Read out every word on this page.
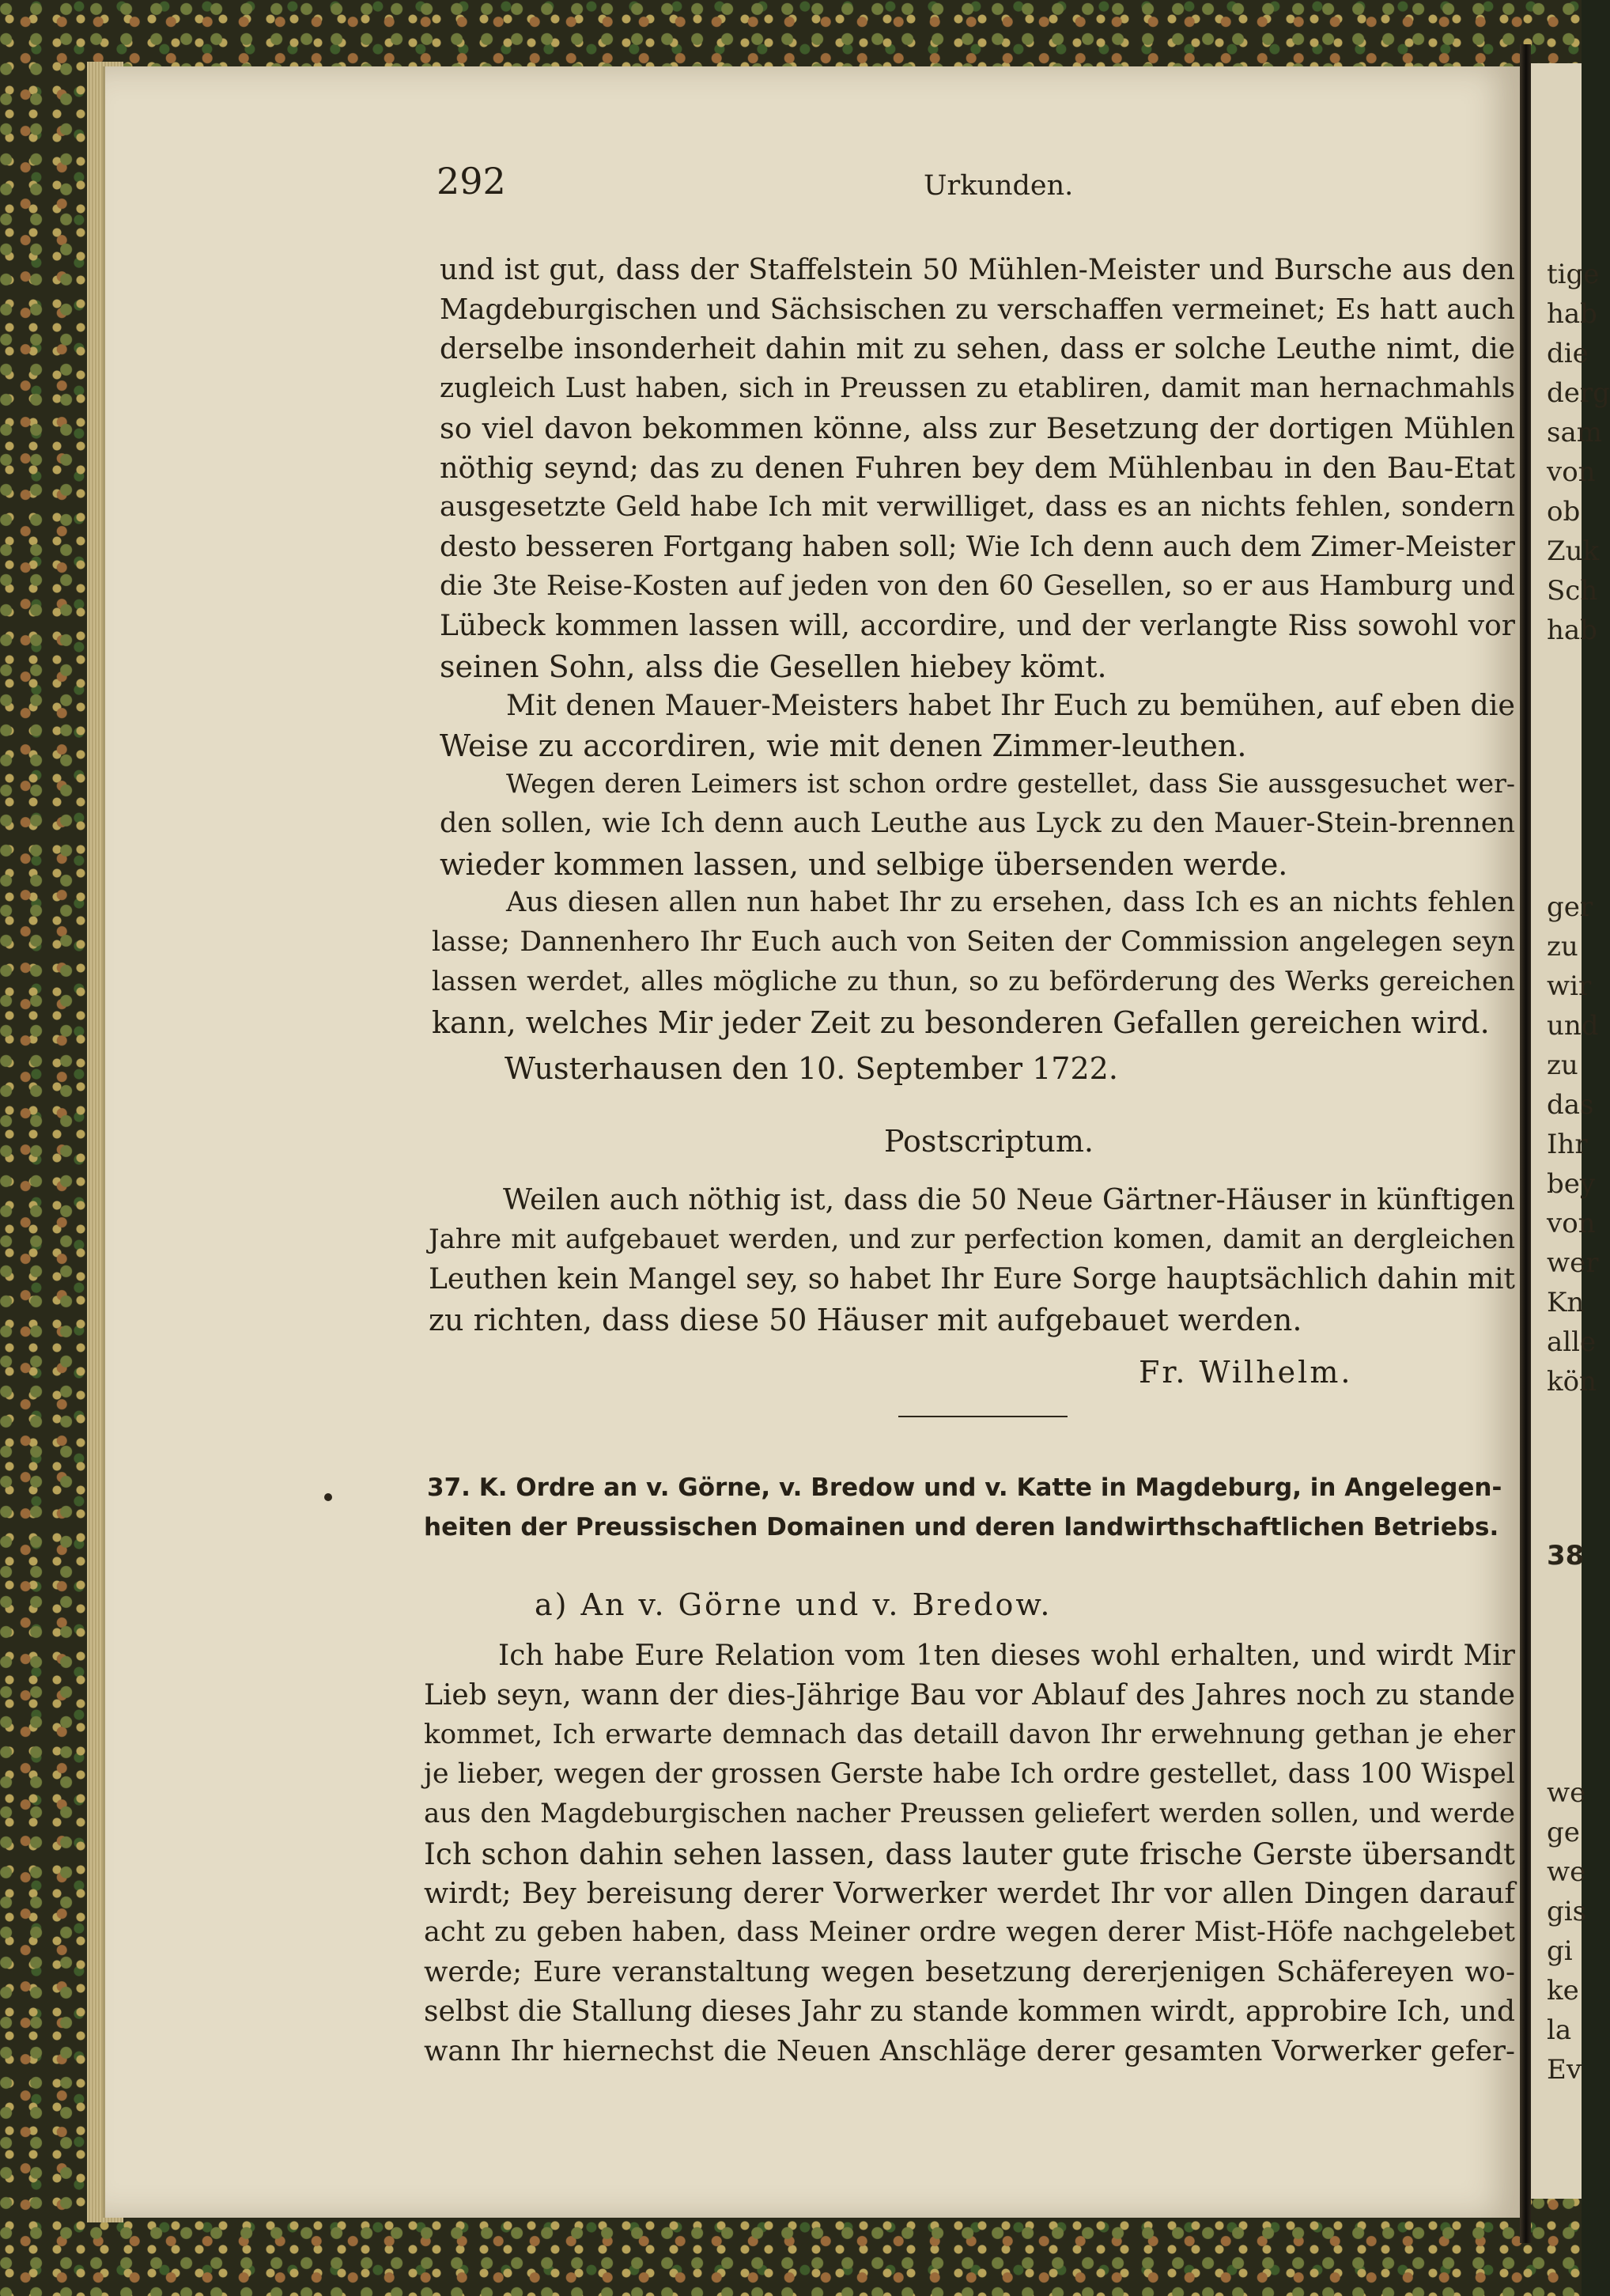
tige
hab
die
derg
sam
von
ob
Zuk
Sch
hab
ger
zu
wir
und
zu
das
Ihr
bey
von
wer
Kn
alle
kön
38
we
ge
we
gis
gi
ke
la
Ev
292	Urkunden.
und ist gut, dass der Staffelstein 50 Mühlen-Meister und Bursche aus den
Magdeburgischen und Sächsischen zu verschaffen vermeinet; Es hatt auch
derselbe insonderheit dahin mit zu sehen, dass er solche Leuthe nimt, die
zugleich Lust haben, sich in Preussen zu etabliren, damit man hernachmahls
so viel davon bekommen könne, alss zur Besetzung der dortigen Mühlen
nöthig seynd; das zu denen Fuhren bey dem Mühlenbau in den Bau-Etat
ausgesetzte Geld habe Ich mit verwilliget, dass es an nichts fehlen, sondern
desto besseren Fortgang haben soll; Wie Ich denn auch dem Zimer-Meister
die 3te Reise-Kosten auf jeden von den 60 Gesellen, so er aus Hamburg und
Lübeck kommen lassen will, accordire, und der verlangte Riss sowohl vor
seinen Sohn, alss die Gesellen hiebey kömt.
Mit denen Mauer-Meisters habet Ihr Euch zu bemühen, auf eben die
Weise zu accordiren, wie mit denen Zimmer-leuthen.
Wegen deren Leimers ist schon ordre gestellet, dass Sie aussgesuchet wer-
den sollen, wie Ich denn auch Leuthe aus Lyck zu den Mauer-Stein-brennen
wieder kommen lassen, und selbige übersenden werde.
Aus diesen allen nun habet Ihr zu ersehen, dass Ich es an nichts fehlen
lasse; Dannenhero Ihr Euch auch von Seiten der Commission angelegen seyn
lassen werdet, alles mögliche zu thun, so zu beförderung des Werks gereichen
kann, welches Mir jeder Zeit zu besonderen Gefallen gereichen wird.
Wusterhausen den 10. September 1722.
Postscriptum.
Weilen auch nöthig ist, dass die 50 Neue Gärtner-Häuser in künftigen
Jahre mit aufgebauet werden, und zur perfection komen, damit an dergleichen
Leuthen kein Mangel sey, so habet Ihr Eure Sorge hauptsächlich dahin mit
zu richten, dass diese 50 Häuser mit aufgebauet werden.
Fr. Wilhelm.
37. K. Ordre an v. Görne, v. Bredow und v. Katte in Magdeburg, in Angelegen-
heiten der Preussischen Domainen und deren landwirthschaftlichen Betriebs.
a) An v. Görne und v. Bredow.
Ich habe Eure Relation vom 1ten dieses wohl erhalten, und wirdt Mir
Lieb seyn, wann der dies-Jährige Bau vor Ablauf des Jahres noch zu stande
kommet, Ich erwarte demnach das detaill davon Ihr erwehnung gethan je eher
je lieber, wegen der grossen Gerste habe Ich ordre gestellet, dass 100 Wispel
aus den Magdeburgischen nacher Preussen geliefert werden sollen, und werde
Ich schon dahin sehen lassen, dass lauter gute frische Gerste übersandt
wirdt; Bey bereisung derer Vorwerker werdet Ihr vor allen Dingen darauf
acht zu geben haben, dass Meiner ordre wegen derer Mist-Höfe nachgelebet
werde; Eure veranstaltung wegen besetzung dererjenigen Schäfereyen wo-
selbst die Stallung dieses Jahr zu stande kommen wirdt, approbire Ich, und
wann Ihr hiernechst die Neuen Anschläge derer gesamten Vorwerker gefer-
